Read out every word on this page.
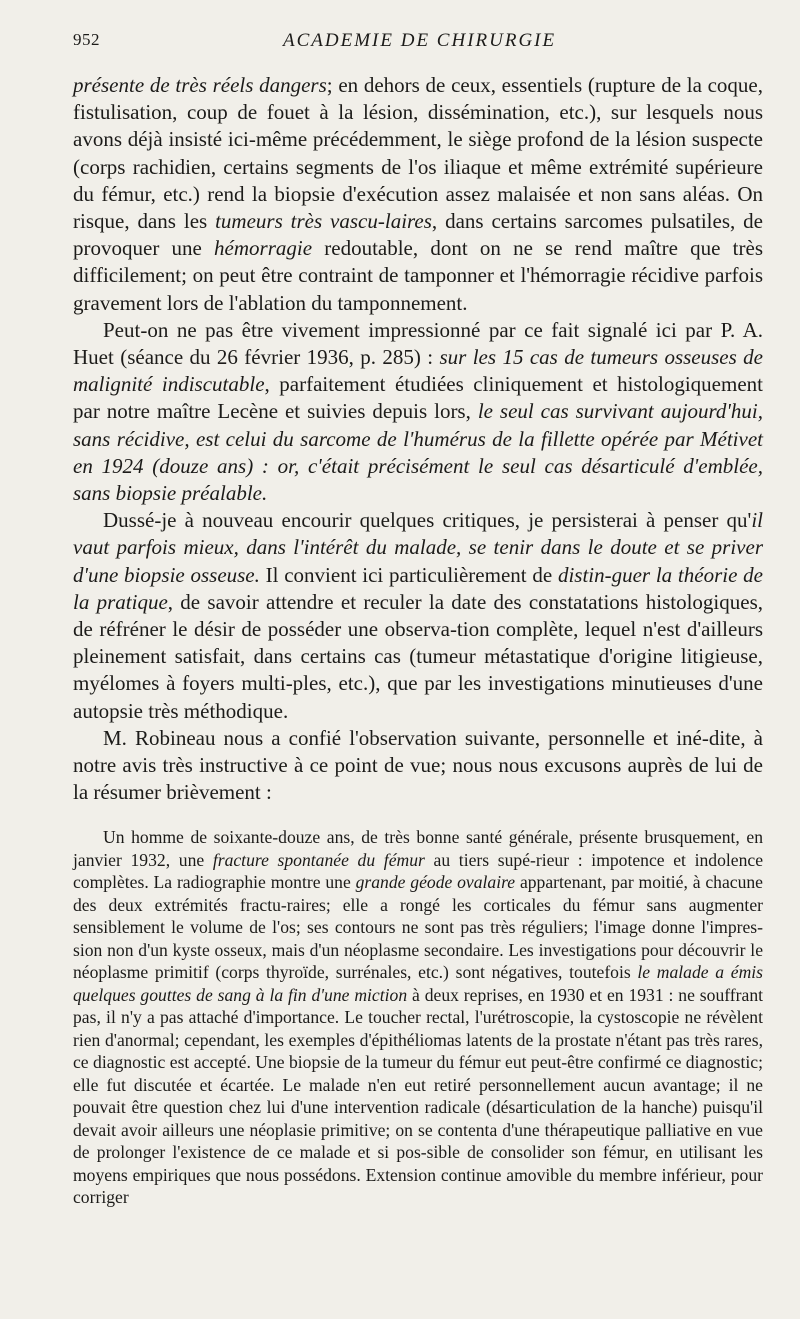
952	ACADEMIE DE CHIRURGIE

présente de très réels dangers; en dehors de ceux, essentiels (rupture de la coque, fistulisation, coup de fouet à la lésion, dissémination, etc.), sur lesquels nous avons déjà insisté ici-même précédemment, le siège profond de la lésion suspecte (corps rachidien, certains segments de l'os iliaque et même extrémité supérieure du fémur, etc.) rend la biopsie d'exécution assez malaisée et non sans aléas. On risque, dans les tumeurs très vascu-laires, dans certains sarcomes pulsatiles, de provoquer une hémorragie redoutable, dont on ne se rend maître que très difficilement; on peut être contraint de tamponner et l'hémorragie récidive parfois gravement lors de l'ablation du tamponnement.

Peut-on ne pas être vivement impressionné par ce fait signalé ici par P. A. Huet (séance du 26 février 1936, p. 285) : sur les 15 cas de tumeurs osseuses de malignité indiscutable, parfaitement étudiées cliniquement et histologiquement par notre maître Lecène et suivies depuis lors, le seul cas survivant aujourd'hui, sans récidive, est celui du sarcome de l'humérus de la fillette opérée par Métivet en 1924 (douze ans) : or, c'était précisément le seul cas désarticulé d'emblée, sans biopsie préalable.

Dussé-je à nouveau encourir quelques critiques, je persisterai à penser qu'il vaut parfois mieux, dans l'intérêt du malade, se tenir dans le doute et se priver d'une biopsie osseuse. Il convient ici particulièrement de distin-guer la théorie de la pratique, de savoir attendre et reculer la date des constatations histologiques, de réfréner le désir de posséder une observa-tion complète, lequel n'est d'ailleurs pleinement satisfait, dans certains cas (tumeur métastatique d'origine litigieuse, myélomes à foyers multi-ples, etc.), que par les investigations minutieuses d'une autopsie très méthodique.

M. Robineau nous a confié l'observation suivante, personnelle et iné-dite, à notre avis très instructive à ce point de vue; nous nous excusons auprès de lui de la résumer brièvement :

Un homme de soixante-douze ans, de très bonne santé générale, présente brusquement, en janvier 1932, une fracture spontanée du fémur au tiers supé-rieur : impotence et indolence complètes. La radiographie montre une grande géode ovalaire appartenant, par moitié, à chacune des deux extrémités fractu-raires; elle a rongé les corticales du fémur sans augmenter sensiblement le volume de l'os; ses contours ne sont pas très réguliers; l'image donne l'impres-sion non d'un kyste osseux, mais d'un néoplasme secondaire. Les investigations pour découvrir le néoplasme primitif (corps thyroïde, surrénales, etc.) sont négatives, toutefois le malade a émis quelques gouttes de sang à la fin d'une miction à deux reprises, en 1930 et en 1931 : ne souffrant pas, il n'y a pas attaché d'importance. Le toucher rectal, l'urétroscopie, la cystoscopie ne révèlent rien d'anormal; cependant, les exemples d'épithéliomas latents de la prostate n'étant pas très rares, ce diagnostic est accepté. Une biopsie de la tumeur du fémur eut peut-être confirmé ce diagnostic; elle fut discutée et écartée. Le malade n'en eut retiré personnellement aucun avantage; il ne pouvait être question chez lui d'une intervention radicale (désarticulation de la hanche) puisqu'il devait avoir ailleurs une néoplasie primitive; on se contenta d'une thérapeutique palliative en vue de prolonger l'existence de ce malade et si pos-sible de consolider son fémur, en utilisant les moyens empiriques que nous possédons. Extension continue amovible du membre inférieur, pour corriger
